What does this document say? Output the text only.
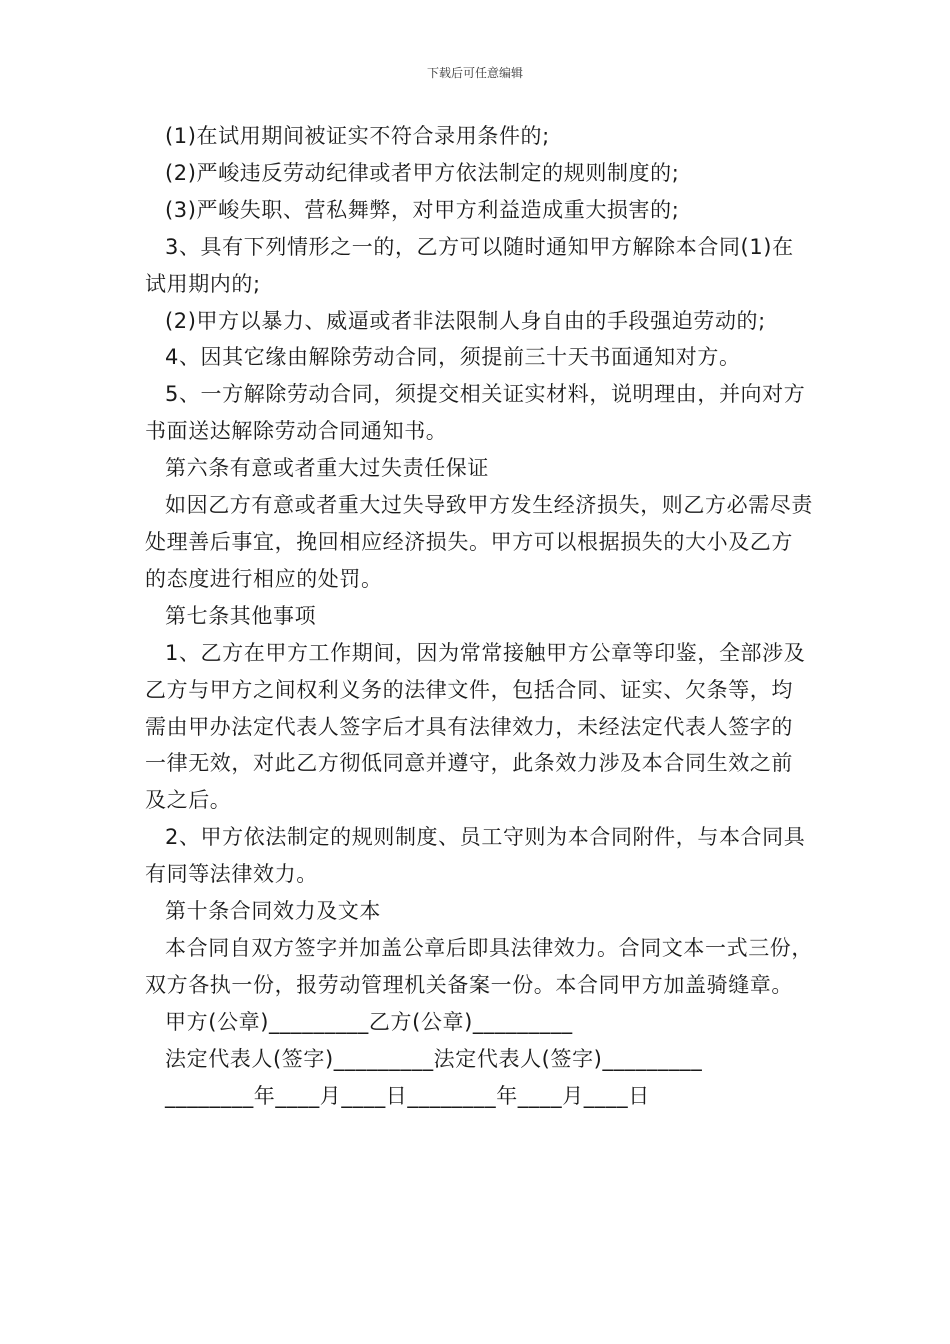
下载后可任意编辑

(1)在试用期间被证实不符合录用条件的;

(2)严峻违反劳动纪律或者甲方依法制定的规则制度的;

(3)严峻失职、营私舞弊，对甲方利益造成重大损害的;

3、具有下列情形之一的，乙方可以随时通知甲方解除本合同(1)在试用期内的;

(2)甲方以暴力、威逼或者非法限制人身自由的手段强迫劳动的;

4、因其它缘由解除劳动合同，须提前三十天书面通知对方。

5、一方解除劳动合同，须提交相关证实材料，说明理由，并向对方书面送达解除劳动合同通知书。

第六条有意或者重大过失责任保证

如因乙方有意或者重大过失导致甲方发生经济损失，则乙方必需尽责处理善后事宜，挽回相应经济损失。甲方可以根据损失的大小及乙方的态度进行相应的处罚。

第七条其他事项

1、乙方在甲方工作期间，因为常常接触甲方公章等印鉴，全部涉及乙方与甲方之间权利义务的法律文件，包括合同、证实、欠条等，均需由甲办法定代表人签字后才具有法律效力，未经法定代表人签字的一律无效，对此乙方彻低同意并遵守，此条效力涉及本合同生效之前及之后。

2、甲方依法制定的规则制度、员工守则为本合同附件，与本合同具有同等法律效力。

第十条合同效力及文本

本合同自双方签字并加盖公章后即具法律效力。合同文本一式三份，双方各执一份，报劳动管理机关备案一份。本合同甲方加盖骑缝章。

甲方(公章)_________乙方(公章)_________

法定代表人(签字)_________法定代表人(签字)_________

________年____月____日________年____月____日
